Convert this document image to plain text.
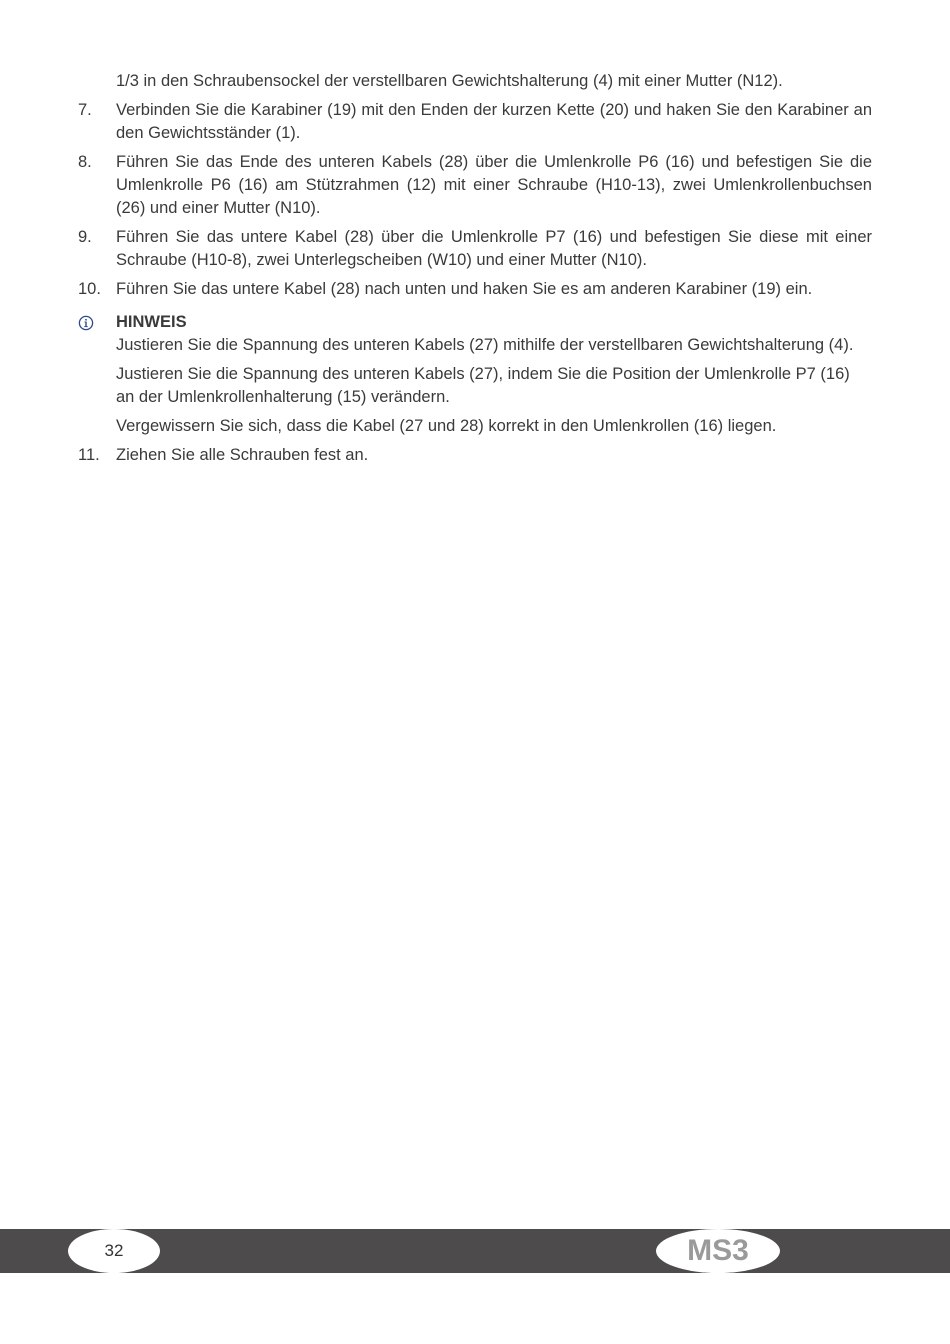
1/3 in den Schraubensockel der verstellbaren Gewichtshalterung (4) mit einer Mutter (N12).
7.	Verbinden Sie die Karabiner (19) mit den Enden der kurzen Kette (20) und haken Sie den Karabiner an den Gewichtsständer (1).
8.	Führen Sie das Ende des unteren Kabels (28) über die Umlenkrolle P6 (16) und befestigen Sie die Umlenkrolle P6 (16) am Stützrahmen (12) mit einer Schraube (H10-13), zwei Umlenkrollenbuchsen (26) und einer Mutter (N10).
9.	Führen Sie das untere Kabel (28) über die Umlenkrolle P7 (16) und befestigen Sie diese mit einer Schraube (H10-8), zwei Unterlegscheiben (W10) und einer Mutter (N10).
10. Führen Sie das untere Kabel (28) nach unten und haken Sie es am anderen Karabiner (19) ein.
HINWEIS
Justieren Sie die Spannung des unteren Kabels (27) mithilfe der verstellbaren Gewichtshalterung (4).
Justieren Sie die Spannung des unteren Kabels (27), indem Sie die Position der Umlenkrolle P7 (16) an der Umlenkrollenhalterung (15) verändern.
Vergewissern Sie sich, dass die Kabel (27 und 28) korrekt in den Umlenkrollen (16) liegen.
11. Ziehen Sie alle Schrauben fest an.
32	MS3
